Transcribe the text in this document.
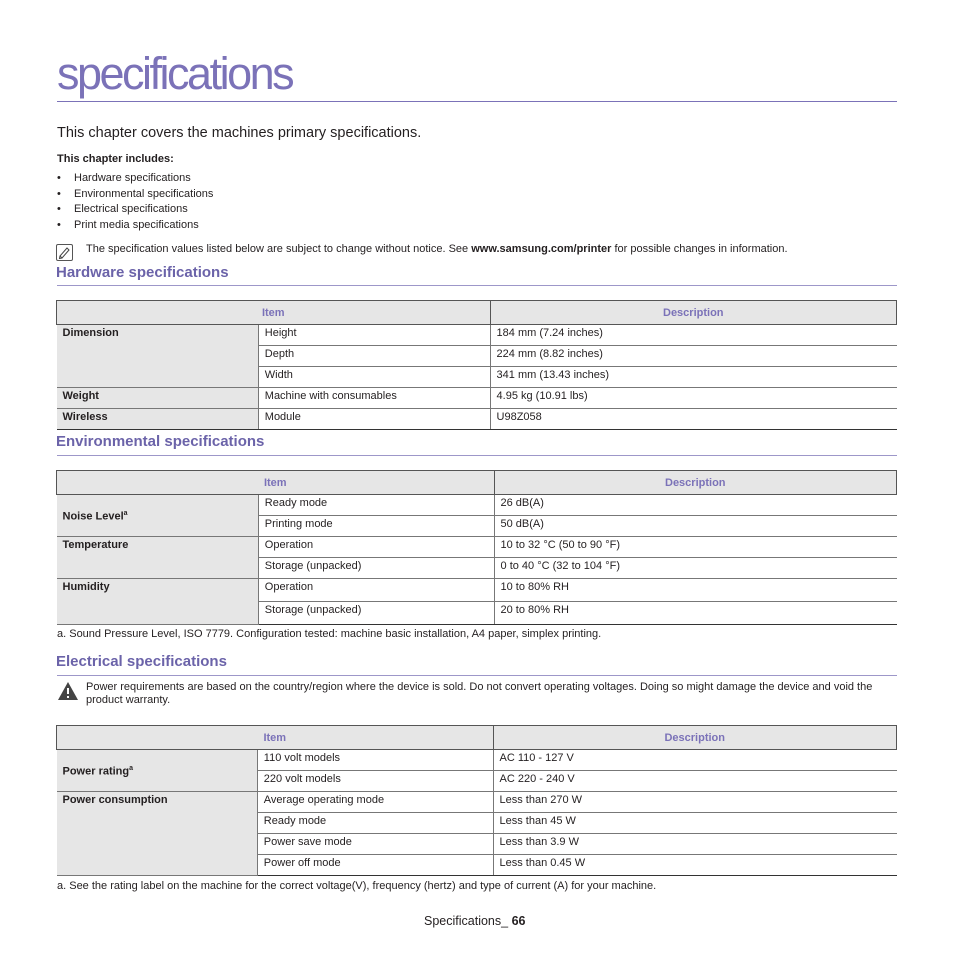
specifications
This chapter covers the machines primary specifications.
This chapter includes:
• Hardware specifications
• Environmental specifications
• Electrical specifications
• Print media specifications
The specification values listed below are subject to change without notice. See www.samsung.com/printer for possible changes in information.
Hardware specifications
Item		Description
Dimension	Height	184 mm (7.24 inches)
	Depth	224 mm (8.82 inches)
	Width	341 mm (13.43 inches)
Weight	Machine with consumables	4.95 kg (10.91 lbs)
Wireless	Module	U98Z058
Environmental specifications
Item		Description
Noise Level$^a$	Ready mode	26 dB(A)
	Printing mode	50 dB(A)
Temperature	Operation	10 to 32 °C (50 to 90 °F)
	Storage (unpacked)	0 to 40 °C (32 to 104 °F)
Humidity	Operation	10 to 80% RH
	Storage (unpacked)	20 to 80% RH
a. Sound Pressure Level, ISO 7779. Configuration tested: machine basic installation, A4 paper, simplex printing.
Electrical specifications
Power requirements are based on the country/region where the device is sold. Do not convert operating voltages. Doing so might damage the device and void the product warranty.
Item		Description
Power rating$^a$	110 volt models	AC 110 - 127 V
	220 volt models	AC 220 - 240 V
Power consumption	Average operating mode	Less than 270 W
	Ready mode	Less than 45 W
	Power save mode	Less than 3.9 W
	Power off mode	Less than 0.45 W
a. See the rating label on the machine for the correct voltage(V), frequency (hertz) and type of current (A) for your machine.
Specifications_ 66
